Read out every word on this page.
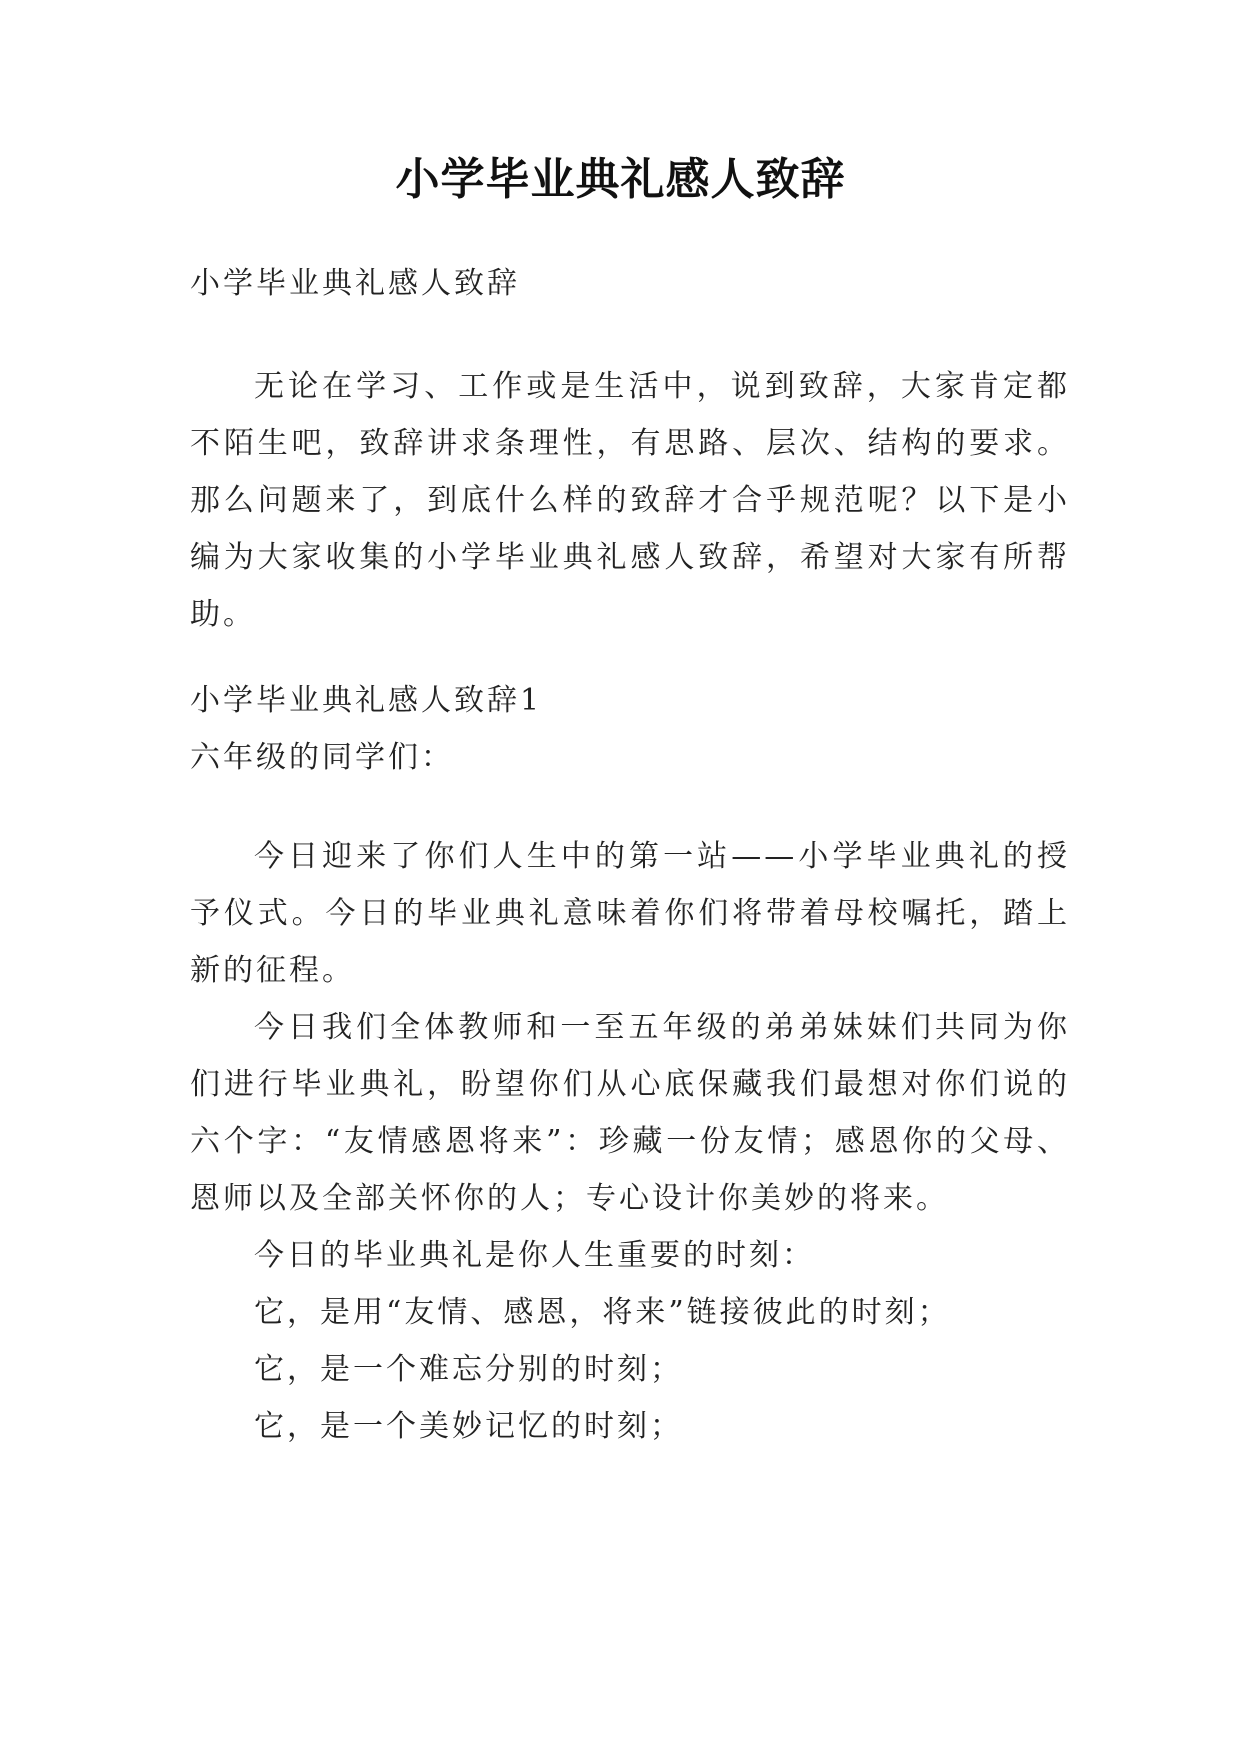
小学毕业典礼感人致辞

小学毕业典礼感人致辞

无论在学习、工作或是生活中，说到致辞，大家肯定都不陌生吧，致辞讲求条理性，有思路、层次、结构的要求。那么问题来了，到底什么样的致辞才合乎规范呢？以下是小编为大家收集的小学毕业典礼感人致辞，希望对大家有所帮助。

小学毕业典礼感人致辞1

六年级的同学们：

今日迎来了你们人生中的第一站——小学毕业典礼的授予仪式。今日的毕业典礼意味着你们将带着母校嘱托，踏上新的征程。

今日我们全体教师和一至五年级的弟弟妹妹们共同为你们进行毕业典礼，盼望你们从心底保藏我们最想对你们说的六个字：“友情感恩将来”：珍藏一份友情；感恩你的父母、恩师以及全部关怀你的人；专心设计你美妙的将来。

今日的毕业典礼是你人生重要的时刻：

它，是用“友情、感恩，将来”链接彼此的时刻；

它，是一个难忘分别的时刻；

它，是一个美妙记忆的时刻；
